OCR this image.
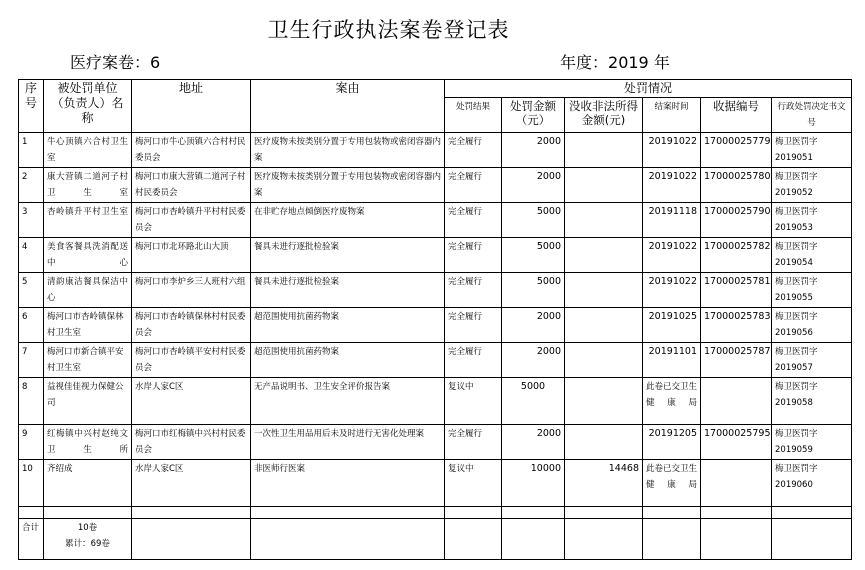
卫生行政执法案卷登记表
医疗案卷：6	年度：2019 年
序号	被处罚单位（负责人）名称	地址	案由	处罚情况					
				处罚结果	处罚金额（元）	没收非法所得金额(元)	结案时间	收据编号	行政处罚决定书文号
1	牛心顶镇六合村卫生室	梅河口市牛心顶镇六合村村民委员会	医疗废物未按类别分置于专用包装物或密闭容器内案	完全履行	2000		20191022	17000025779	梅卫医罚字2019051
2	康大营镇二道河子村卫生室	梅河口市康大营镇二道河子村村民委员会	医疗废物未按类别分置于专用包装物或密闭容器内案	完全履行	2000		20191022	17000025780	梅卫医罚字2019052
3	杏岭镇升平村卫生室	梅河口市杏岭镇升平村村民委员会	在非贮存地点倾倒医疗废物案	完全履行	5000		20191118	17000025790	梅卫医罚字2019053
4	美食客餐具洗消配送中心	梅河口市北环路北山大顶	餐具未进行逐批检验案	完全履行	5000		20191022	17000025782	梅卫医罚字2019054
5	清韵康洁餐具保洁中心	梅河口市李炉乡三人班村六组	餐具未进行逐批检验案	完全履行	5000		20191022	17000025781	梅卫医罚字2019055
6	梅河口市杏岭镇保林村卫生室	梅河口市杏岭镇保林村村民委员会	超范围使用抗菌药物案	完全履行	2000		20191025	17000025783	梅卫医罚字2019056
7	梅河口市新合镇平安村卫生室	梅河口市杏岭镇平安村村民委员会	超范围使用抗菌药物案	完全履行	2000		20191101	17000025787	梅卫医罚字2019057
8	益视佳佳视力保健公司	水岸人家C区	无产品说明书、卫生安全评价报告案	复议中	5000		此卷已交卫生健康局		梅卫医罚字2019058
9	红梅镇中兴村赵纯文卫生所	梅河口市红梅镇中兴村村民委员会	一次性卫生用品用后未及时进行无害化处理案	完全履行	2000		20191205	17000025795	梅卫医罚字2019059
10	齐绍成	水岸人家C区	非医师行医案	复议中	10000	14468	此卷已交卫生健康局		梅卫医罚字2019060

合计	10卷
累计：69卷								
